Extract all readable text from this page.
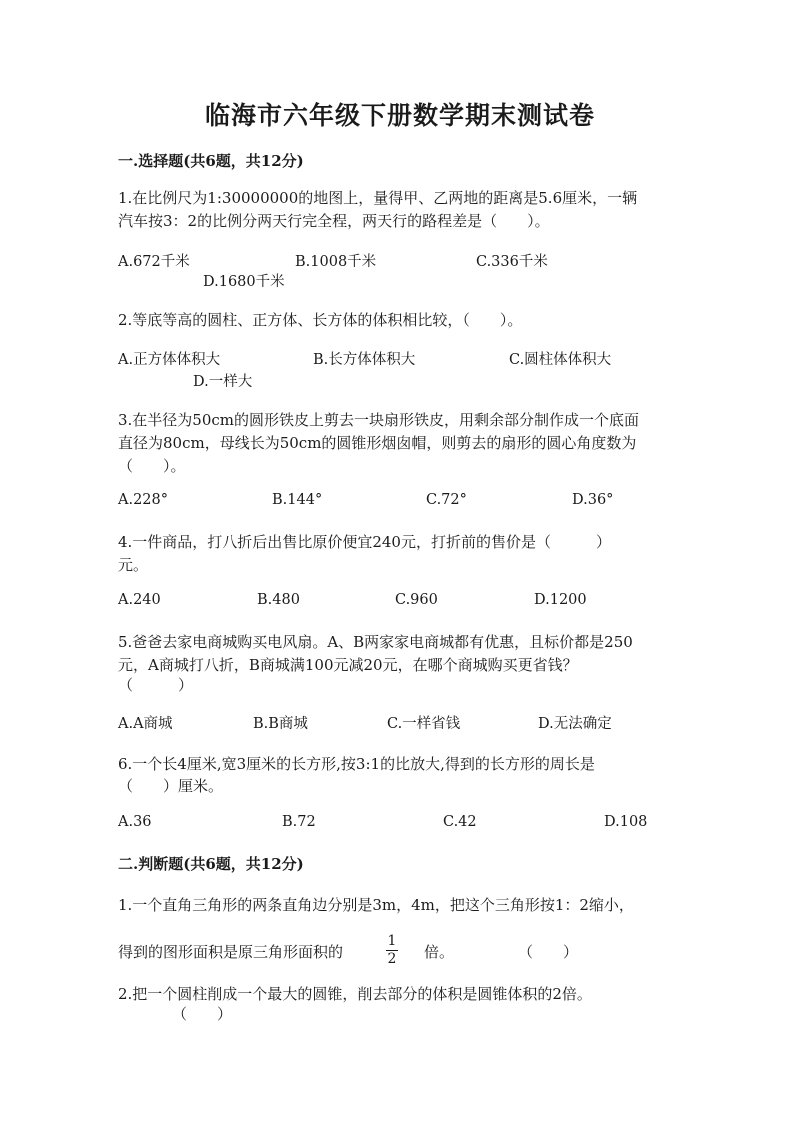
临海市六年级下册数学期末测试卷
一.选择题(共6题，共12分)
1.在比例尺为1:30000000的地图上，量得甲、乙两地的距离是5.6厘米，一辆
汽车按3：2的比例分两天行完全程，两天行的路程差是（　　）。
A.672千米	B.1008千米	C.336千米
D.1680千米
2.等底等高的圆柱、正方体、长方体的体积相比较，（　　）。
A.正方体体积大	B.长方体体积大	C.圆柱体体积大
D.一样大
3.在半径为50cm的圆形铁皮上剪去一块扇形铁皮，用剩余部分制作成一个底面
直径为80cm，母线长为50cm的圆锥形烟囱帽，则剪去的扇形的圆心角度数为
（　　）。
A.228°	B.144°	C.72°	D.36°
4.一件商品，打八折后出售比原价便宜240元，打折前的售价是（　　　）
元。
A.240	B.480	C.960	D.1200
5.爸爸去家电商城购买电风扇。A、B两家家电商城都有优惠，且标价都是250
元，A商城打八折，B商城满100元减20元，在哪个商城购买更省钱？
（　　　）
A.A商城	B.B商城	C.一样省钱	D.无法确定
6.一个长4厘米,宽3厘米的长方形,按3:1的比放大,得到的长方形的周长是
（　　）厘米。
A.36	B.72	C.42	D.108
二.判断题(共6题，共12分)
1.一个直角三角形的两条直角边分别是3m，4m，把这个三角形按1：2缩小，
得到的图形面积是原三角形面积的
1
2 倍。	（　　）
2.把一个圆柱削成一个最大的圆锥，削去部分的体积是圆锥体积的2倍。
（　　）
